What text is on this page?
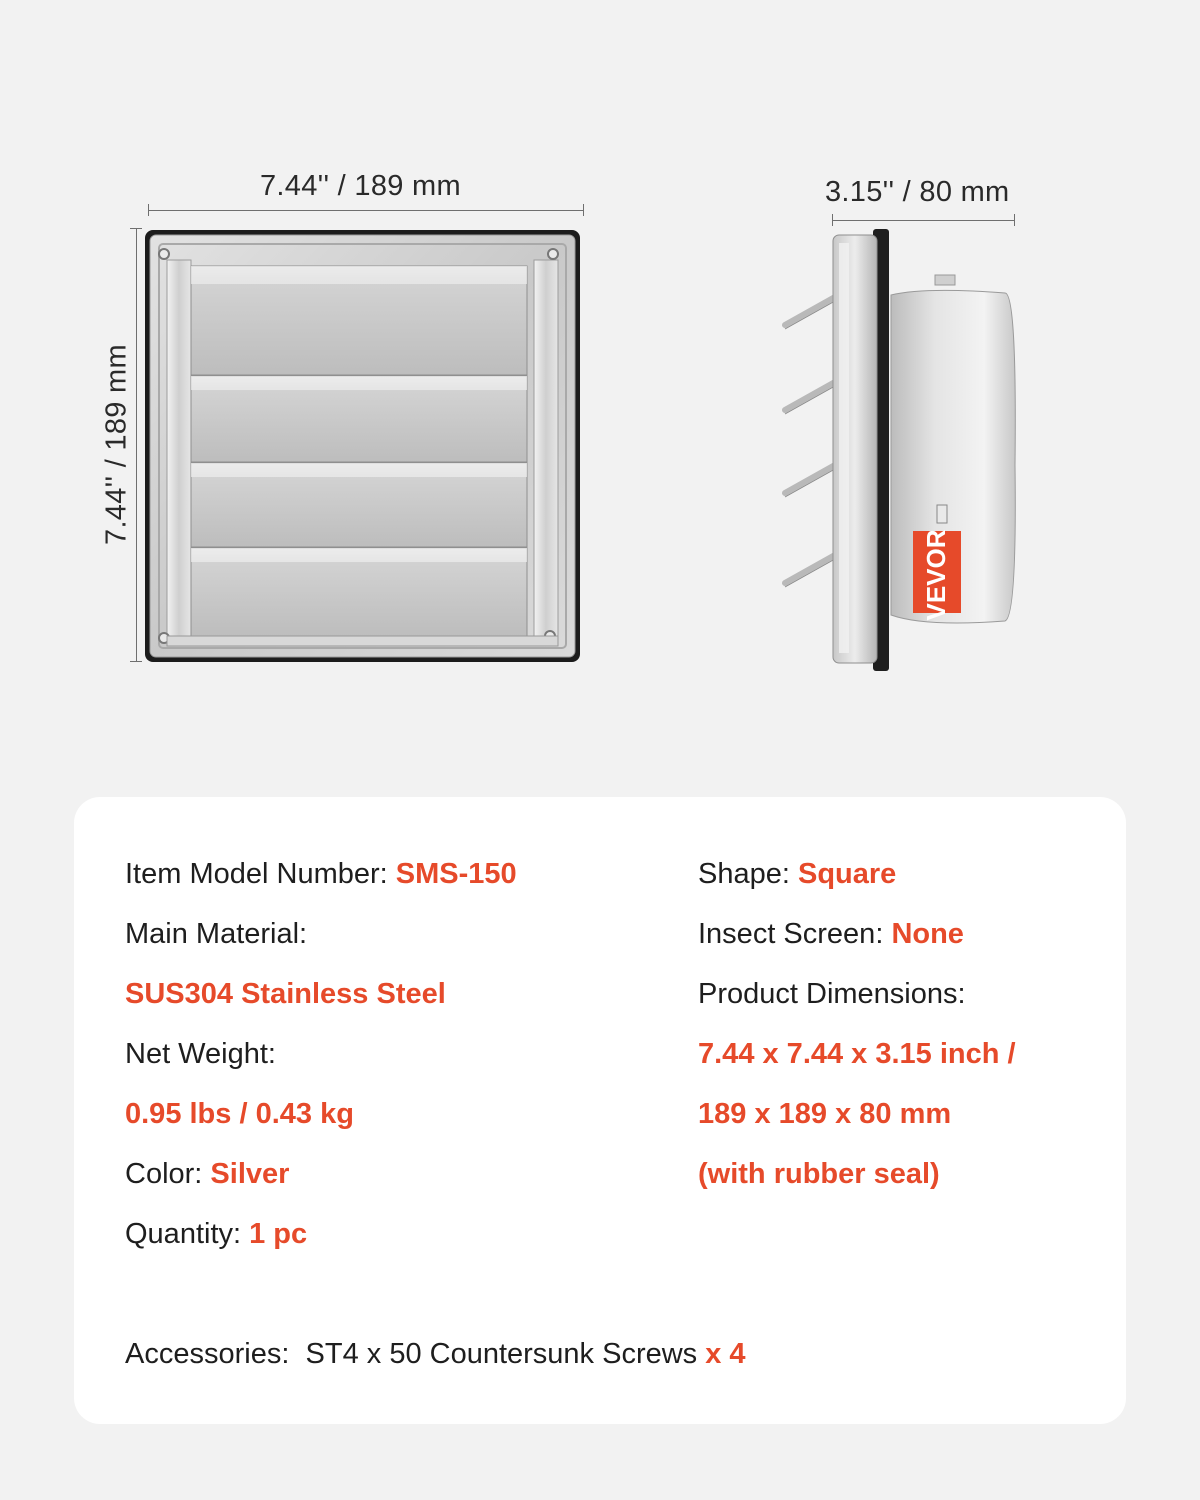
7.44'' / 189 mm
7.44'' / 189 mm
3.15'' / 80 mm
VEVOR
Item Model Number: SMS-150
Main Material:
SUS304 Stainless Steel
Net Weight:
0.95 lbs / 0.43 kg
Color: Silver
Quantity: 1 pc
Shape: Square
Insect Screen: None
Product Dimensions:
7.44 x 7.44 x 3.15 inch /
189 x 189 x 80 mm
(with rubber seal)
Accessories: ST4 x 50 Countersunk Screws x 4
